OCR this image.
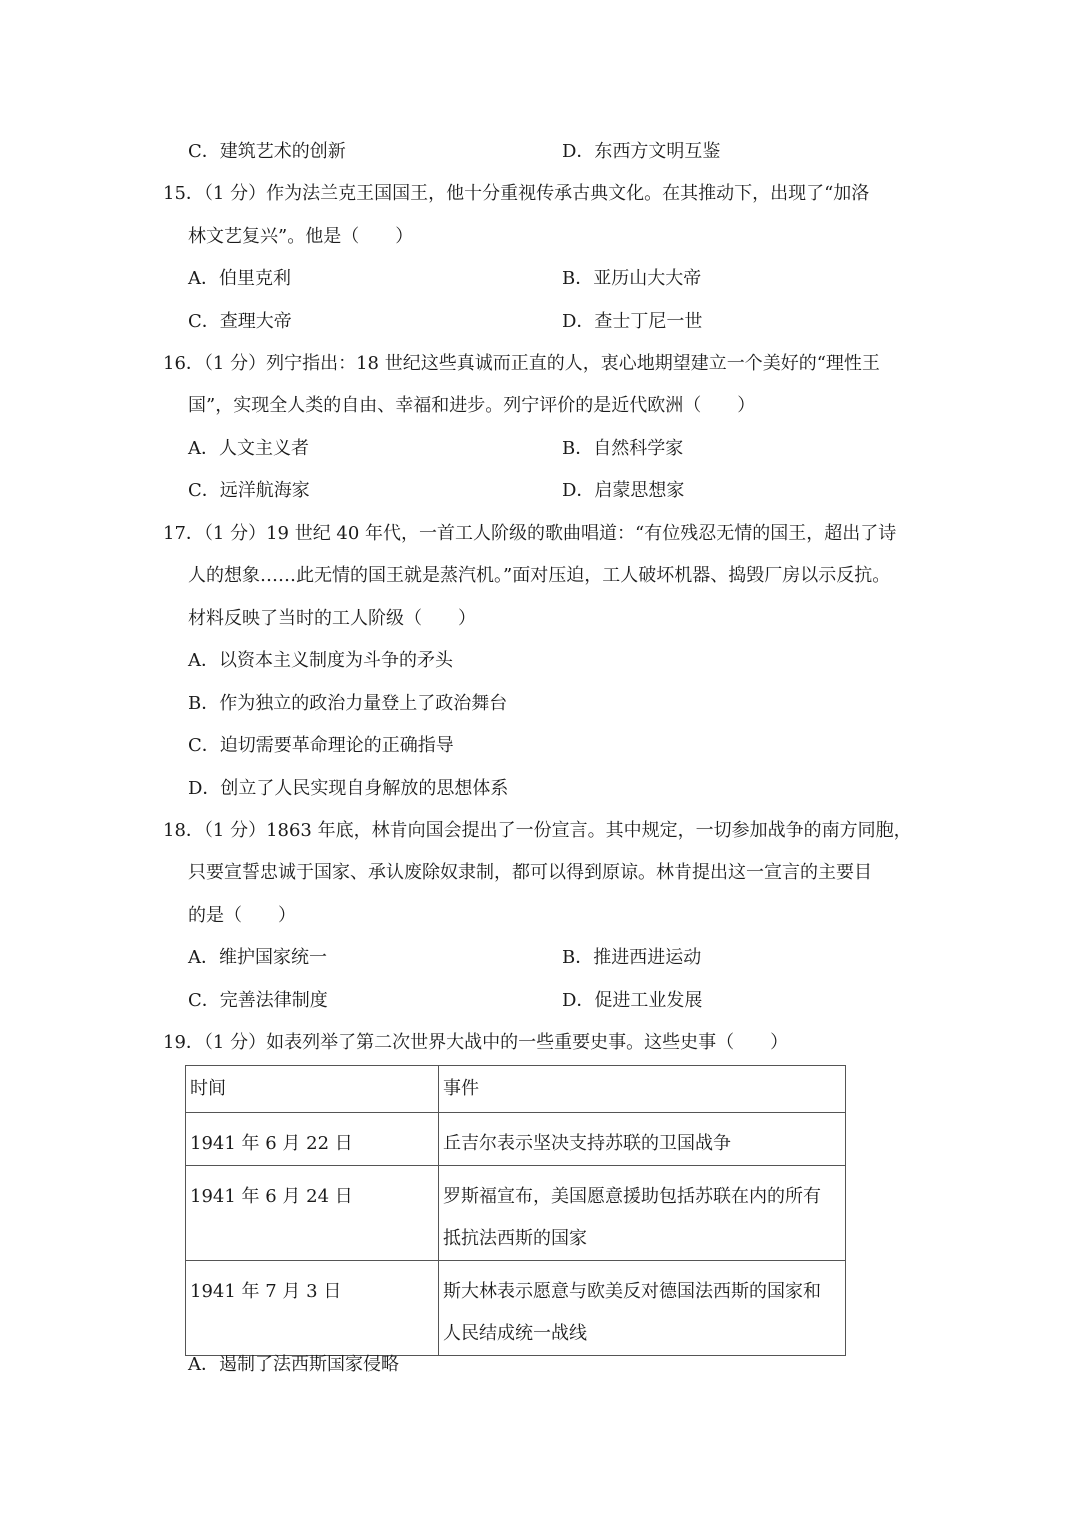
C．建筑艺术的创新	D．东西方文明互鉴
15．（1 分）作为法兰克王国国王，他十分重视传承古典文化。在其推动下，出现了“加洛
林文艺复兴”。他是（　　）
A．伯里克利	B．亚历山大大帝
C．查理大帝	D．查士丁尼一世
16．（1 分）列宁指出：18 世纪这些真诚而正直的人，衷心地期望建立一个美好的“理性王
国”，实现全人类的自由、幸福和进步。列宁评价的是近代欧洲（　　）
A．人文主义者	B．自然科学家
C．远洋航海家	D．启蒙思想家
17．（1 分）19 世纪 40 年代，一首工人阶级的歌曲唱道：“有位残忍无情的国王，超出了诗
人的想象……此无情的国王就是蒸汽机。”面对压迫，工人破坏机器、捣毁厂房以示反抗。
材料反映了当时的工人阶级（　　）
A．以资本主义制度为斗争的矛头
B．作为独立的政治力量登上了政治舞台
C．迫切需要革命理论的正确指导
D．创立了人民实现自身解放的思想体系
18．（1 分）1863 年底，林肯向国会提出了一份宣言。其中规定，一切参加战争的南方同胞，
只要宣誓忠诚于国家、承认废除奴隶制，都可以得到原谅。林肯提出这一宣言的主要目
的是（　　）
A．维护国家统一	B．推进西进运动
C．完善法律制度	D．促进工业发展
19．（1 分）如表列举了第二次世界大战中的一些重要史事。这些史事（　　）
时间	事件
1941 年 6 月 22 日	丘吉尔表示坚决支持苏联的卫国战争

1941 年 6 月 24 日	罗斯福宣布，美国愿意援助包括苏联在内的所有
抵抗法西斯的国家

1941 年 7 月 3 日	斯大林表示愿意与欧美反对德国法西斯的国家和
人民结成统一战线
A．遏制了法西斯国家侵略
